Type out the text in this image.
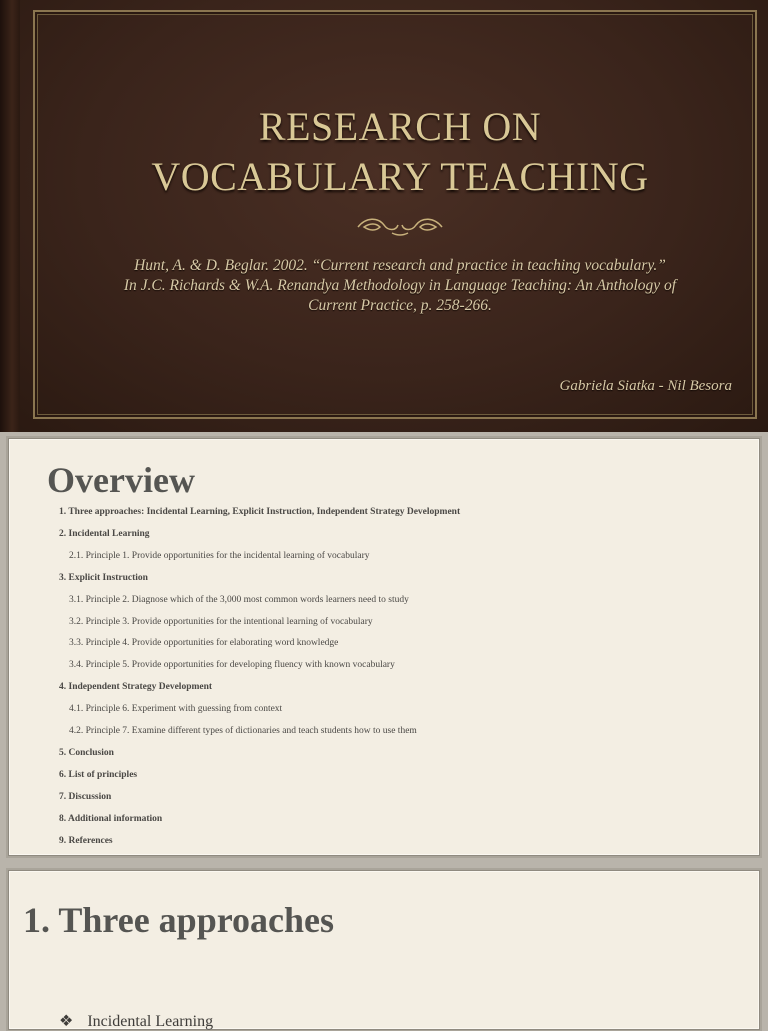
RESEARCH ON
VOCABULARY TEACHING
Hunt, A. & D. Beglar. 2002. “Current research and practice in teaching vocabulary.”
In J.C. Richards & W.A. Renandya Methodology in Language Teaching: An Anthology of
Current Practice, p. 258-266.
Gabriela Siatka - Nil Besora
Overview
1. Three approaches: Incidental Learning, Explicit Instruction, Independent Strategy Development
2. Incidental Learning
2.1. Principle 1. Provide opportunities for the incidental learning of vocabulary
3. Explicit Instruction
3.1. Principle 2. Diagnose which of the 3,000 most common words learners need to study
3.2. Principle 3. Provide opportunities for the intentional learning of vocabulary
3.3. Principle 4. Provide opportunities for elaborating word knowledge
3.4. Principle 5. Provide opportunities for developing fluency with known vocabulary
4. Independent Strategy Development
4.1. Principle 6. Experiment with guessing from context
4.2. Principle 7. Examine different types of dictionaries and teach students how to use them
5. Conclusion
6. List of principles
7. Discussion
8. Additional information
9. References
1. Three approaches
❖ Incidental Learning
